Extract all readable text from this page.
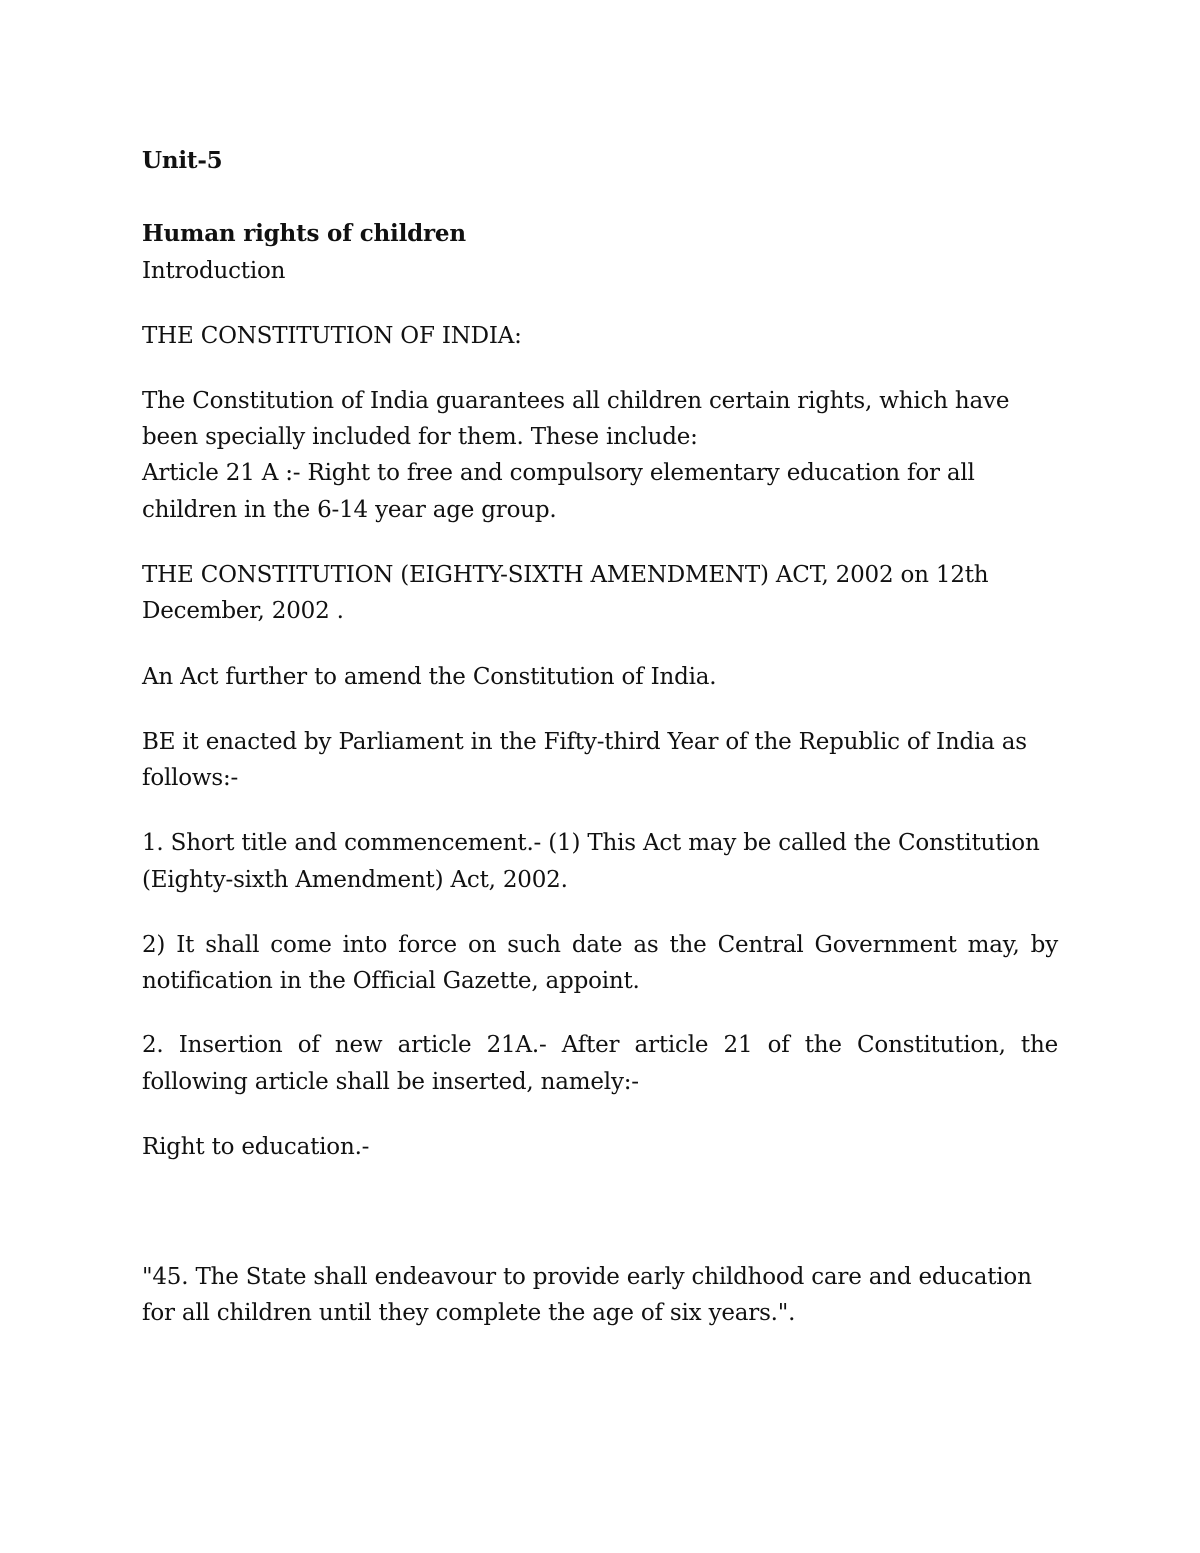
Unit-5
Human rights of children
Introduction
THE CONSTITUTION OF INDIA:
The Constitution of India guarantees all children certain rights, which have
been specially included for them. These include:
Article 21 A :- Right to free and compulsory elementary education for all
children in the 6-14 year age group.
THE CONSTITUTION (EIGHTY-SIXTH AMENDMENT) ACT, 2002 on 12th
December, 2002 .
An Act further to amend the Constitution of India.
BE it enacted by Parliament in the Fifty-third Year of the Republic of India as
follows:-
1. Short title and commencement.- (1) This Act may be called the Constitution
(Eighty-sixth Amendment) Act, 2002.
2) It shall come into force on such date as the Central Government may, by
notification in the Official Gazette, appoint.
2. Insertion of new article 21A.- After article 21 of the Constitution, the
following article shall be inserted, namely:-
Right to education.-
"45. The State shall endeavour to provide early childhood care and education
for all children until they complete the age of six years.".
